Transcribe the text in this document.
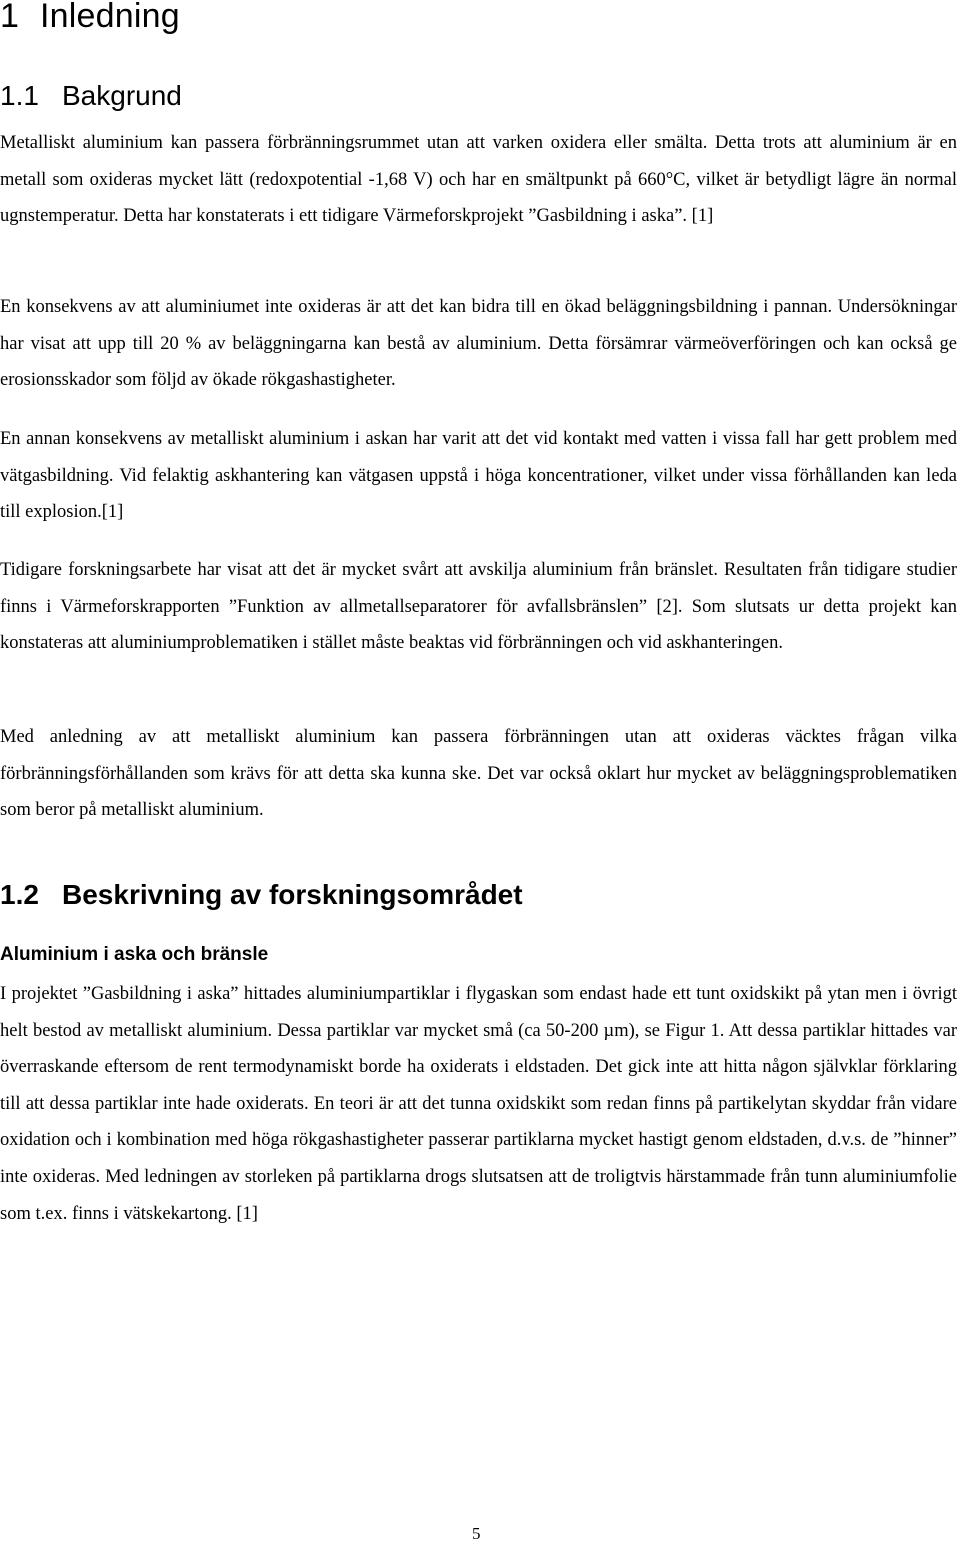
1 Inledning
1.1 Bakgrund

Metalliskt aluminium kan passera förbränningsrummet utan att varken oxidera eller smälta. Detta trots att aluminium är en metall som oxideras mycket lätt (redoxpotential -1,68 V) och har en smältpunkt på 660°C, vilket är betydligt lägre än normal ugnstemperatur. Detta har konstaterats i ett tidigare Värmeforskprojekt ”Gasbildning i aska”. [1]

En konsekvens av att aluminiumet inte oxideras är att det kan bidra till en ökad beläggningsbildning i pannan. Undersökningar har visat att upp till 20 % av beläggningarna kan bestå av aluminium. Detta försämrar värmeöverföringen och kan också ge erosionsskador som följd av ökade rökgashastigheter.

En annan konsekvens av metalliskt aluminium i askan har varit att det vid kontakt med vatten i vissa fall har gett problem med vätgasbildning. Vid felaktig askhantering kan vätgasen uppstå i höga koncentrationer, vilket under vissa förhållanden kan leda till explosion.[1]

Tidigare forskningsarbete har visat att det är mycket svårt att avskilja aluminium från bränslet. Resultaten från tidigare studier finns i Värmeforskrapporten ”Funktion av allmetallseparatorer för avfallsbränslen” [2]. Som slutsats ur detta projekt kan konstateras att aluminiumproblematiken i stället måste beaktas vid förbränningen och vid askhanteringen.

Med anledning av att metalliskt aluminium kan passera förbränningen utan att oxideras väcktes frågan vilka förbränningsförhållanden som krävs för att detta ska kunna ske. Det var också oklart hur mycket av beläggningsproblematiken som beror på metalliskt aluminium.

1.2 Beskrivning av forskningsområdet
Aluminium i aska och bränsle

I projektet ”Gasbildning i aska” hittades aluminiumpartiklar i flygaskan som endast hade ett tunt oxidskikt på ytan men i övrigt helt bestod av metalliskt aluminium. Dessa partiklar var mycket små (ca 50-200 µm), se Figur 1. Att dessa partiklar hittades var överraskande eftersom de rent termodynamiskt borde ha oxiderats i eldstaden. Det gick inte att hitta någon självklar förklaring till att dessa partiklar inte hade oxiderats. En teori är att det tunna oxidskikt som redan finns på partikelytan skyddar från vidare oxidation och i kombination med höga rökgashastigheter passerar partiklarna mycket hastigt genom eldstaden, d.v.s. de ”hinner” inte oxideras. Med ledningen av storleken på partiklarna drogs slutsatsen att de troligtvis härstammade från tunn aluminiumfolie som t.ex. finns i vätskekartong. [1]

5
